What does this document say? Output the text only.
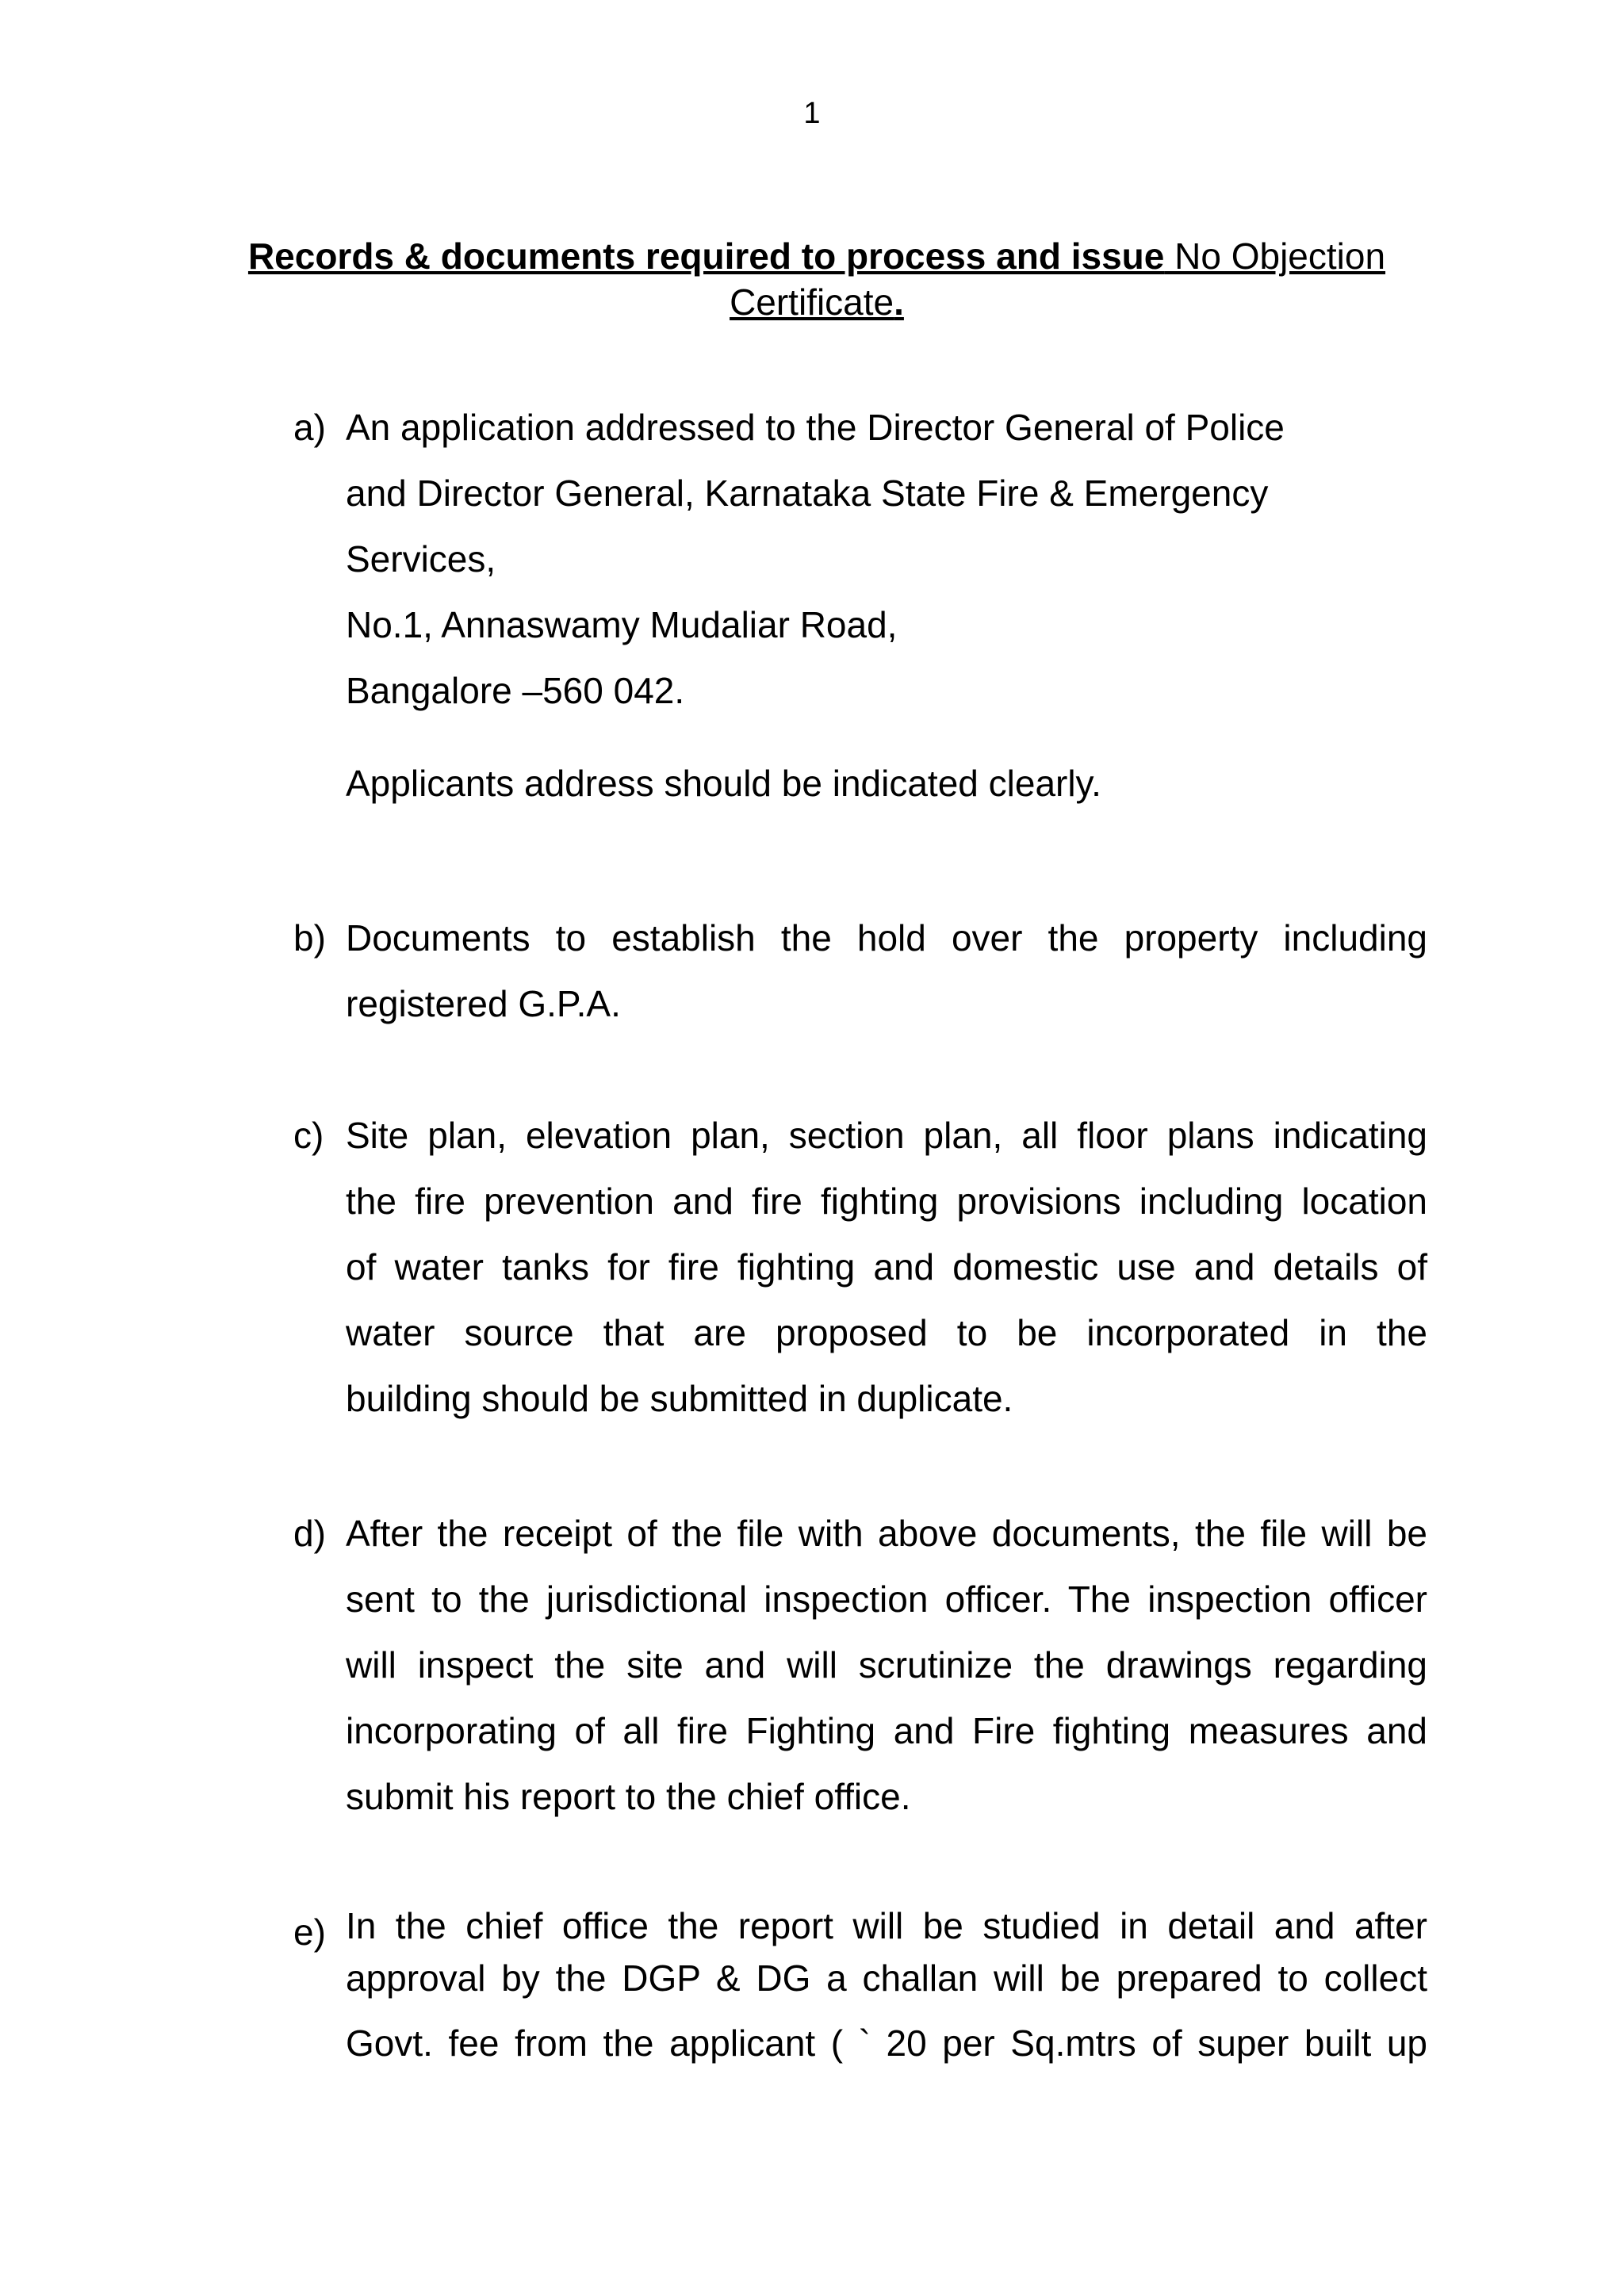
1
Records & documents required to process and issue No Objection Certificate.
a) An application addressed to the Director General of Police
and Director General, Karnataka State Fire & Emergency
Services,
No.1, Annaswamy Mudaliar Road,
Bangalore –560 042.
Applicants address should be indicated clearly.
b) Documents to establish the hold over the property including
registered G.P.A.
c) Site plan, elevation plan, section plan, all floor plans indicating
the fire prevention and fire fighting provisions including location
of water tanks for fire fighting and domestic use and details of
water source that are proposed to be incorporated in the
building should be submitted in duplicate.
d) After the receipt of the file with above documents, the file will be
sent to the jurisdictional inspection officer. The inspection officer
will inspect the site and will scrutinize the drawings regarding
incorporating of all fire Fighting and Fire fighting measures and
submit his report to the chief office.
e) In the chief office the report will be studied in detail and after
approval by the DGP & DG a challan will be prepared to collect
Govt. fee from the applicant ( ` 20 per Sq.mtrs of super built up
